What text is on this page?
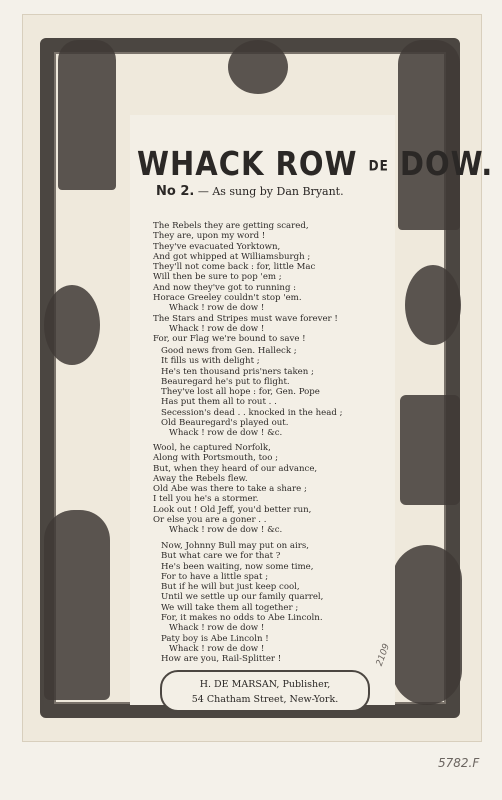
WHACK ROW DE DOW.
No 2. — As sung by Dan Bryant.
The Rebels they are getting scared,
They are, upon my word !
They've evacuated Yorktown,
And got whipped at Williamsburgh ;
They'll not come back : for, little Mac
Will then be sure to pop 'em ;
And now they've got to running :
Horace Greeley couldn't stop 'em.
Whack ! row de dow !
The Stars and Stripes must wave forever !
Whack ! row de dow !
For, our Flag we're bound to save !
Good news from Gen. Halleck ;
It fills us with delight ;
He's ten thousand pris'ners taken ;
Beauregard he's put to flight.
They've lost all hope : for, Gen. Pope
Has put them all to rout . .
Secession's dead . . knocked in the head ;
Old Beauregard's played out.
Whack ! row de dow ! &c.
Wool, he captured Norfolk,
Along with Portsmouth, too ;
But, when they heard of our advance,
Away the Rebels flew.
Old Abe was there to take a share ;
I tell you he's a stormer.
Look out ! Old Jeff, you'd better run,
Or else you are a goner . .
Whack ! row de dow ! &c.
Now, Johnny Bull may put on airs,
But what care we for that ?
He's been waiting, now some time,
For to have a little spat ;
But if he will but just keep cool,
Until we settle up our family quarrel,
We will take them all together ;
For, it makes no odds to Abe Lincoln.
Whack ! row de dow !
Paty boy is Abe Lincoln !
Whack ! row de dow !
How are you, Rail-Splitter !
H. DE MARSAN, Publisher,
54 Chatham Street, New-York.
2109
5782.F
